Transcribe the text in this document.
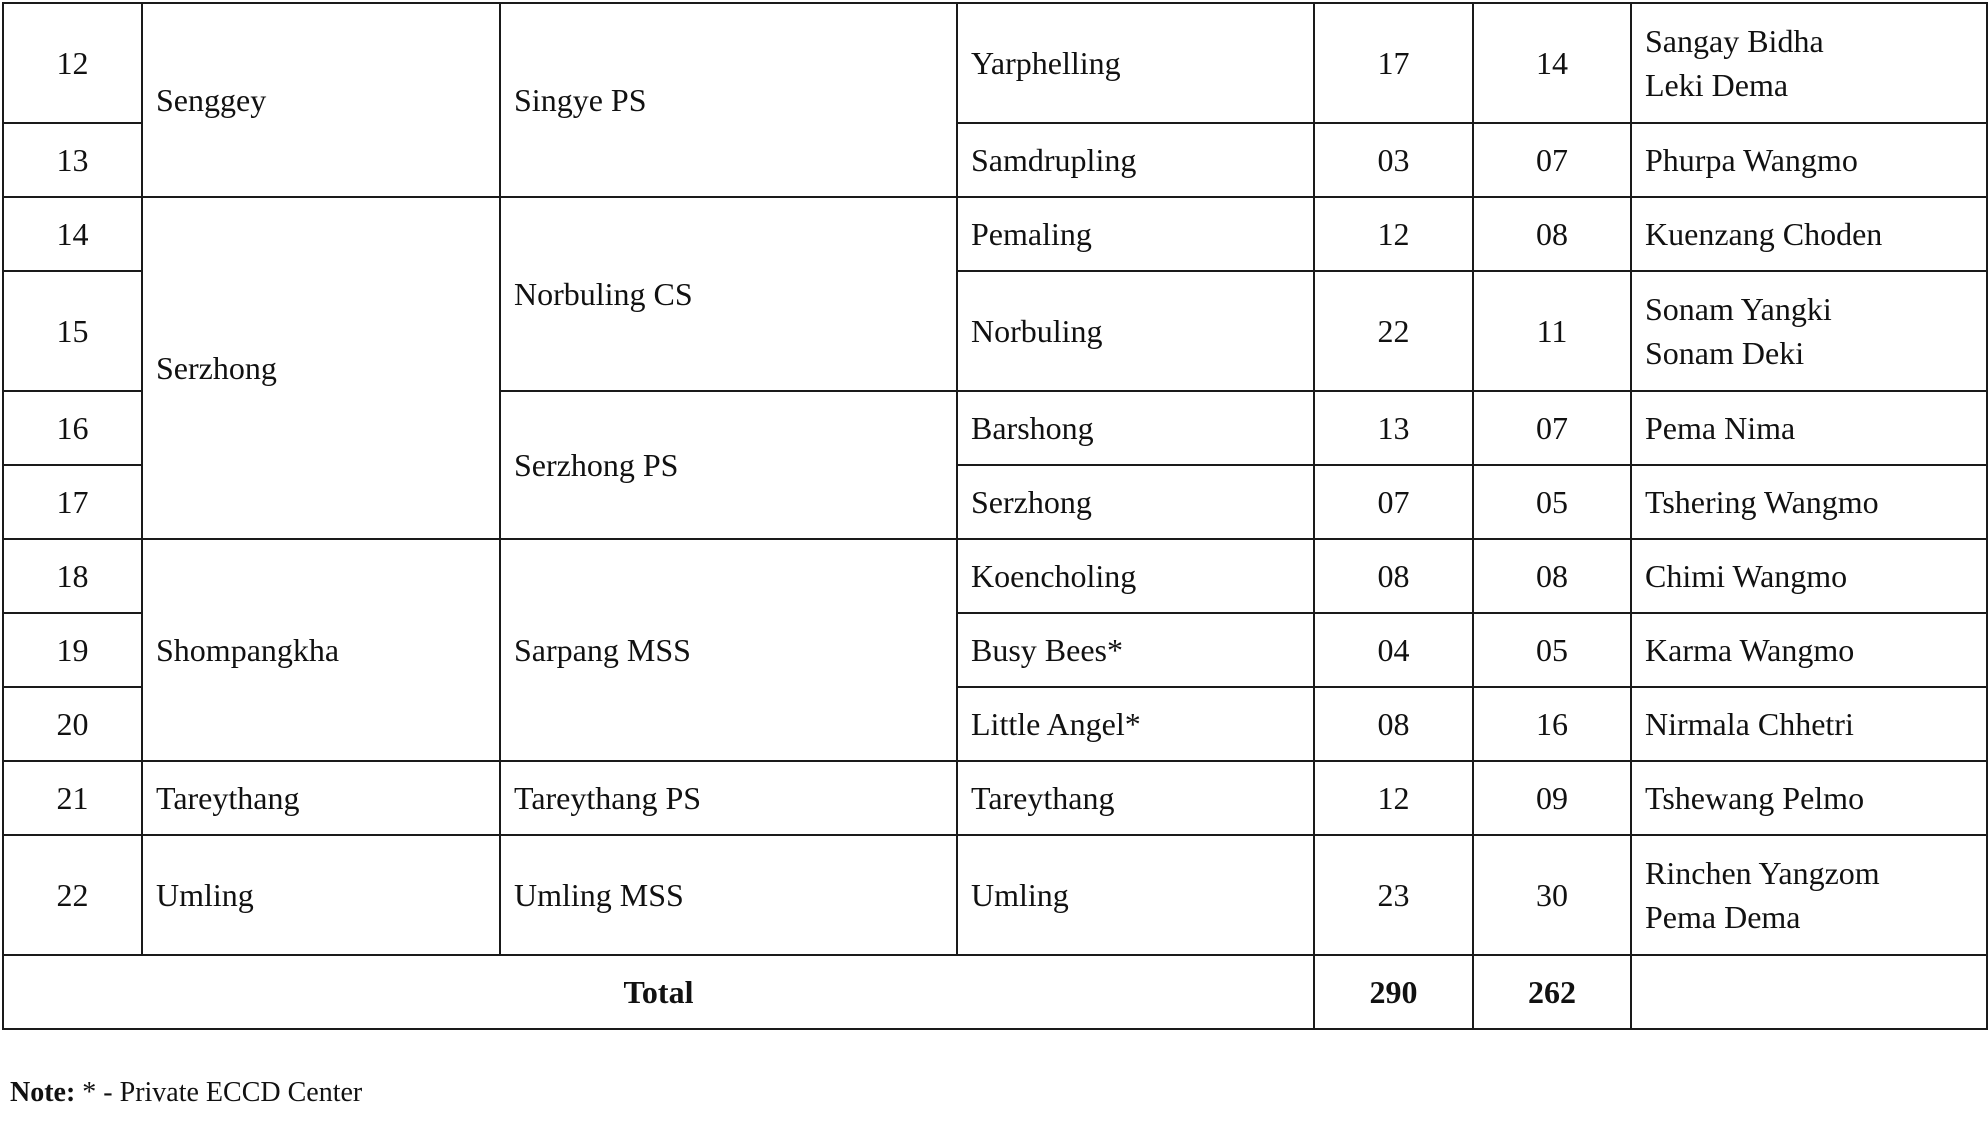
12	Senggey	Singye PS	Yarphelling	17	14	Sangay Bidha
Leki Dema

13			Samdrupling	03	07	Phurpa Wangmo

14	Serzhong	Norbuling CS	Pemaling	12	08	Kuenzang Choden

15			Norbuling	22	11	Sonam Yangki
Sonam Deki

16		Serzhong PS	Barshong	13	07	Pema Nima

17			Serzhong	07	05	Tshering Wangmo

18	Shompangkha	Sarpang MSS	Koencholing	08	08	Chimi Wangmo

19			Busy Bees*	04	05	Karma Wangmo

20			Little Angel*	08	16	Nirmala Chhetri

21	Tareythang	Tareythang PS	Tareythang	12	09	Tshewang Pelmo

22	Umling	Umling MSS	Umling	23	30	Rinchen Yangzom
Pema Dema

Total				290	262	
Note: * - Private ECCD Center
